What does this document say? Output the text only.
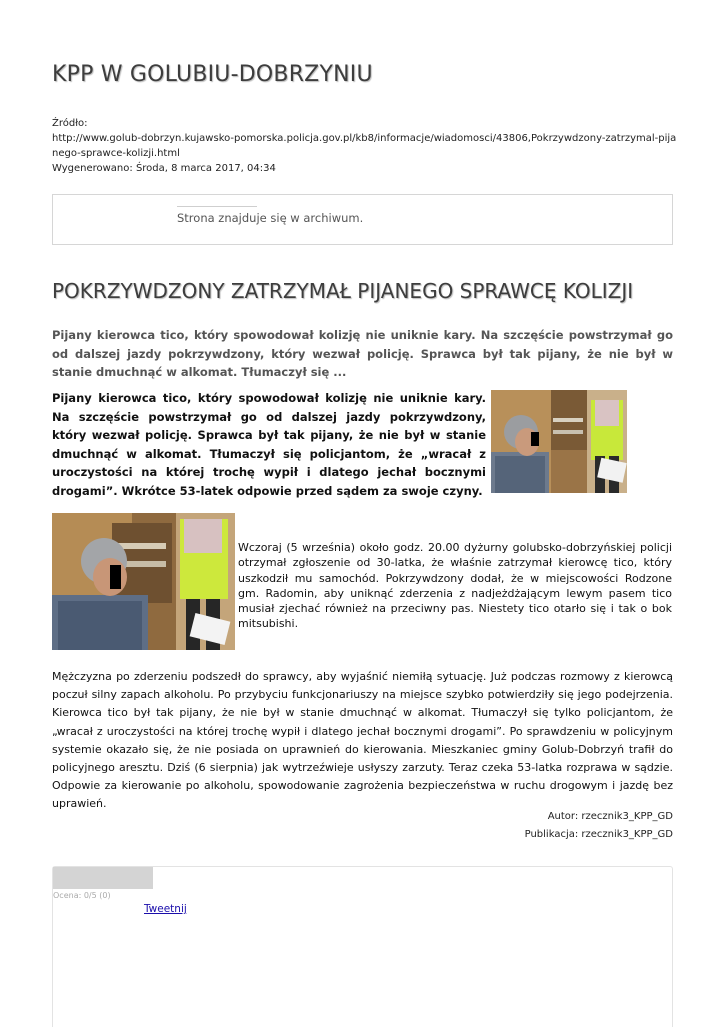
KPP W GOLUBIU-DOBRZYNIU
Źródło:
http://www.golub-dobrzyn.kujawsko-pomorska.policja.gov.pl/kb8/informacje/wiadomosci/43806,Pokrzywdzony-zatrzymal-pijanego-sprawce-kolizji.html
Wygenerowano: Środa, 8 marca 2017, 04:34
Strona znajduje się w archiwum.
POKRZYWDZONY ZATRZYMAŁ PIJANEGO SPRAWCĘ KOLIZJI

Pijany kierowca tico, który spowodował kolizję nie uniknie kary. Na szczęście powstrzymał go od dalszej jazdy pokrzywdzony, który wezwał policję. Sprawca był tak pijany, że nie był w stanie dmuchnąć w alkomat. Tłumaczył się ...

Pijany kierowca tico, który spowodował kolizję nie uniknie kary. Na szczęście powstrzymał go od dalszej jazdy pokrzywdzony, który wezwał policję. Sprawca był tak pijany, że nie był w stanie dmuchnąć w alkomat. Tłumaczył się policjantom, że „wracał z uroczystości na której trochę wypił i dlatego jechał bocznymi drogami”. Wkrótce 53-latek odpowie przed sądem za swoje czyny.

Wczoraj (5 września) około godz. 20.00 dyżurny golubsko-dobrzyńskiej policji otrzymał zgłoszenie od 30-latka, że właśnie zatrzymał kierowcę tico, który uszkodził mu samochód. Pokrzywdzony dodał, że w miejscowości Rodzone gm. Radomin, aby uniknąć zderzenia z nadjeżdżającym lewym pasem tico musiał zjechać również na przeciwny pas. Niestety tico otarło się i tak o bok mitsubishi.

Mężczyzna po zderzeniu podszedł do sprawcy, aby wyjaśnić niemiłą sytuację. Już podczas rozmowy z kierowcą poczuł silny zapach alkoholu. Po przybyciu funkcjonariuszy na miejsce szybko potwierdziły się jego podejrzenia. Kierowca tico był tak pijany, że nie był w stanie dmuchnąć w alkomat. Tłumaczył się tylko policjantom, że „wracał z uroczystości na której trochę wypił i dlatego jechał bocznymi drogami”. Po sprawdzeniu w policyjnym systemie okazało się, że nie posiada on uprawnień do kierowania. Mieszkaniec gminy Golub-Dobrzyń trafił do policyjnego aresztu. Dziś (6 sierpnia) jak wytrzeźwieje usłyszy zarzuty. Teraz czeka 53-latka rozprawa w sądzie. Odpowie za kierowanie po alkoholu, spowodowanie zagrożenia bezpieczeństwa w ruchu drogowym i jazdę bez uprawień.

Autor: rzecznik3_KPP_GD
Publikacja: rzecznik3_KPP_GD
Ocena: 0/5 (0)
Tweetnij
